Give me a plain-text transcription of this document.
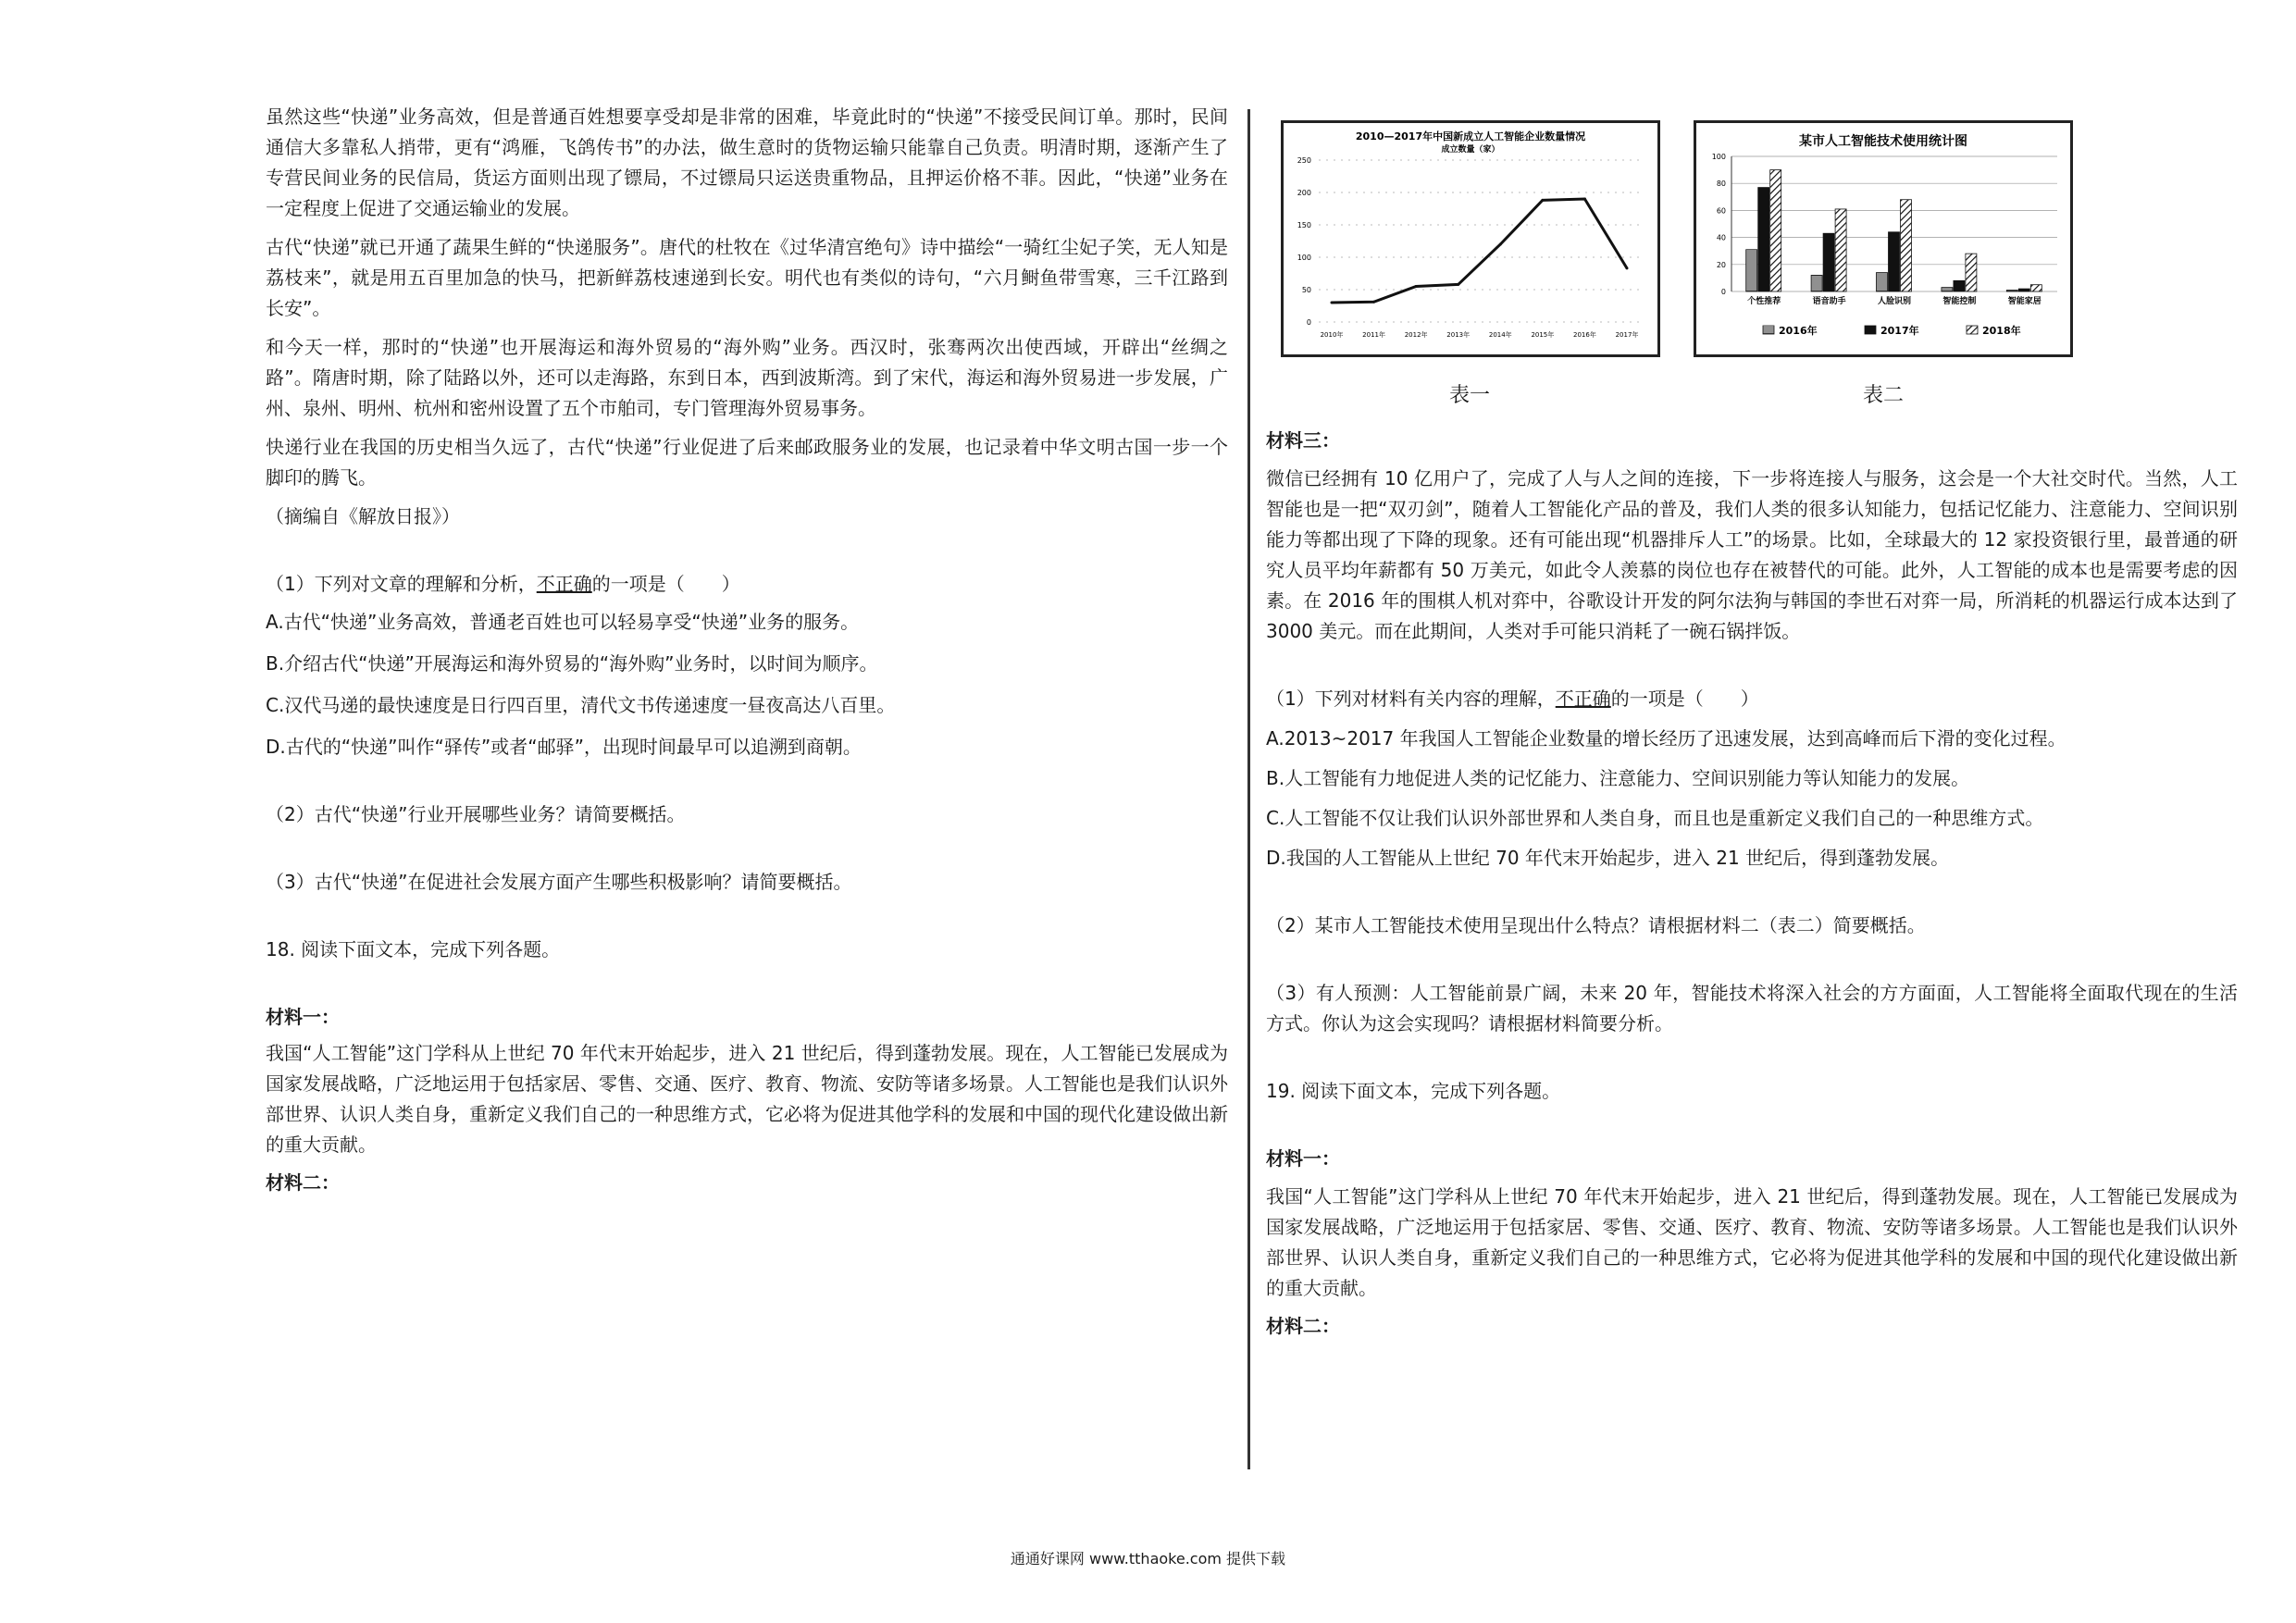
虽然这些“快递”业务高效，但是普通百姓想要享受却是非常的困难，毕竟此时的“快递”不接受民间订单。那时，民间通信大多靠私人捎带，更有“鸿雁，飞鸽传书”的办法，做生意时的货物运输只能靠自己负责。明清时期，逐渐产生了专营民间业务的民信局，货运方面则出现了镖局，不过镖局只运送贵重物品，且押运价格不菲。因此，“快递”业务在一定程度上促进了交通运输业的发展。

古代“快递”就已开通了蔬果生鲜的“快递服务”。唐代的杜牧在《过华清宫绝句》诗中描绘“一骑红尘妃子笑，无人知是荔枝来”，就是用五百里加急的快马，把新鲜荔枝速递到长安。明代也有类似的诗句，“六月鲥鱼带雪寒，三千江路到长安”。

和今天一样，那时的“快递”也开展海运和海外贸易的“海外购”业务。西汉时，张骞两次出使西域，开辟出“丝绸之路”。隋唐时期，除了陆路以外，还可以走海路，东到日本，西到波斯湾。到了宋代，海运和海外贸易进一步发展，广州、泉州、明州、杭州和密州设置了五个市舶司，专门管理海外贸易事务。

快递行业在我国的历史相当久远了，古代“快递”行业促进了后来邮政服务业的发展，也记录着中华文明古国一步一个脚印的腾飞。

（摘编自《解放日报》）

（1）下列对文章的理解和分析，不正确的一项是（　　）

A.古代“快递”业务高效，普通老百姓也可以轻易享受“快递”业务的服务。

B.介绍古代“快递”开展海运和海外贸易的“海外购”业务时，以时间为顺序。

C.汉代马递的最快速度是日行四百里，清代文书传递速度一昼夜高达八百里。

D.古代的“快递”叫作“驿传”或者“邮驿”，出现时间最早可以追溯到商朝。

（2）古代“快递”行业开展哪些业务？请简要概括。

（3）古代“快递”在促进社会发展方面产生哪些积极影响？请简要概括。

18. 阅读下面文本，完成下列各题。

材料一：

我国“人工智能”这门学科从上世纪 70 年代末开始起步，进入 21 世纪后，得到蓬勃发展。现在，人工智能已发展成为国家发展战略，广泛地运用于包括家居、零售、交通、医疗、教育、物流、安防等诸多场景。人工智能也是我们认识外部世界、认识人类自身，重新定义我们自己的一种思维方式，它必将为促进其他学科的发展和中国的现代化建设做出新的重大贡献。

材料二：

2010—2017年中国新成立人工智能企业数量情况
成立数量（家）
0
50
100
150
200
250
2010年	2011年	2012年	2013年	2014年	2015年	2016年	2017年
某市人工智能技术使用统计图
0
20
40
60
80
100
个性推荐	语音助手	人脸识别	智能控制	智能家居
2016年	2017年	2018年
表一	表二

材料三：

微信已经拥有 10 亿用户了，完成了人与人之间的连接，下一步将连接人与服务，这会是一个大社交时代。当然，人工智能也是一把“双刃剑”，随着人工智能化产品的普及，我们人类的很多认知能力，包括记忆能力、注意能力、空间识别能力等都出现了下降的现象。还有可能出现“机器排斥人工”的场景。比如，全球最大的 12 家投资银行里，最普通的研究人员平均年薪都有 50 万美元，如此令人羡慕的岗位也存在被替代的可能。此外，人工智能的成本也是需要考虑的因素。在 2016 年的围棋人机对弈中，谷歌设计开发的阿尔法狗与韩国的李世石对弈一局，所消耗的机器运行成本达到了 3000 美元。而在此期间，人类对手可能只消耗了一碗石锅拌饭。

（1）下列对材料有关内容的理解，不正确的一项是（　　）

A.2013~2017 年我国人工智能企业数量的增长经历了迅速发展，达到高峰而后下滑的变化过程。

B.人工智能有力地促进人类的记忆能力、注意能力、空间识别能力等认知能力的发展。

C.人工智能不仅让我们认识外部世界和人类自身，而且也是重新定义我们自己的一种思维方式。

D.我国的人工智能从上世纪 70 年代末开始起步，进入 21 世纪后，得到蓬勃发展。

（2）某市人工智能技术使用呈现出什么特点？请根据材料二（表二）简要概括。

（3）有人预测：人工智能前景广阔，未来 20 年，智能技术将深入社会的方方面面，人工智能将全面取代现在的生活方式。你认为这会实现吗？请根据材料简要分析。

19. 阅读下面文本，完成下列各题。

材料一：

我国“人工智能”这门学科从上世纪 70 年代末开始起步，进入 21 世纪后，得到蓬勃发展。现在，人工智能已发展成为国家发展战略，广泛地运用于包括家居、零售、交通、医疗、教育、物流、安防等诸多场景。人工智能也是我们认识外部世界、认识人类自身，重新定义我们自己的一种思维方式，它必将为促进其他学科的发展和中国的现代化建设做出新的重大贡献。

材料二：

通通好课网 www.tthaoke.com 提供下载
